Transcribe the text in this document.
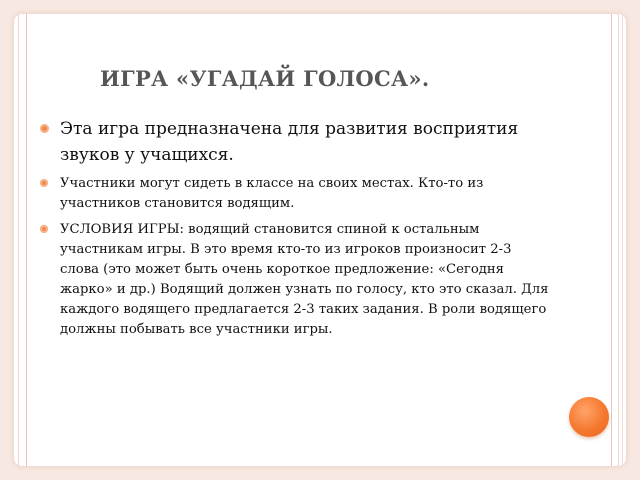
ИГРА «УГАДАЙ ГОЛОСА».
Эта игра предназначена для развития восприятия звуков у учащихся.
Участники могут сидеть в классе на своих местах. Кто-то из участников становится водящим.
УСЛОВИЯ ИГРЫ: водящий становится спиной к остальным участникам игры. В это время кто-то из игроков произносит 2-3 слова (это может быть очень короткое предложение: «Сегодня жарко» и др.) Водящий должен узнать по голосу, кто это сказал. Для каждого водящего предлагается 2-3 таких задания. В роли водящего должны побывать все участники игры.
